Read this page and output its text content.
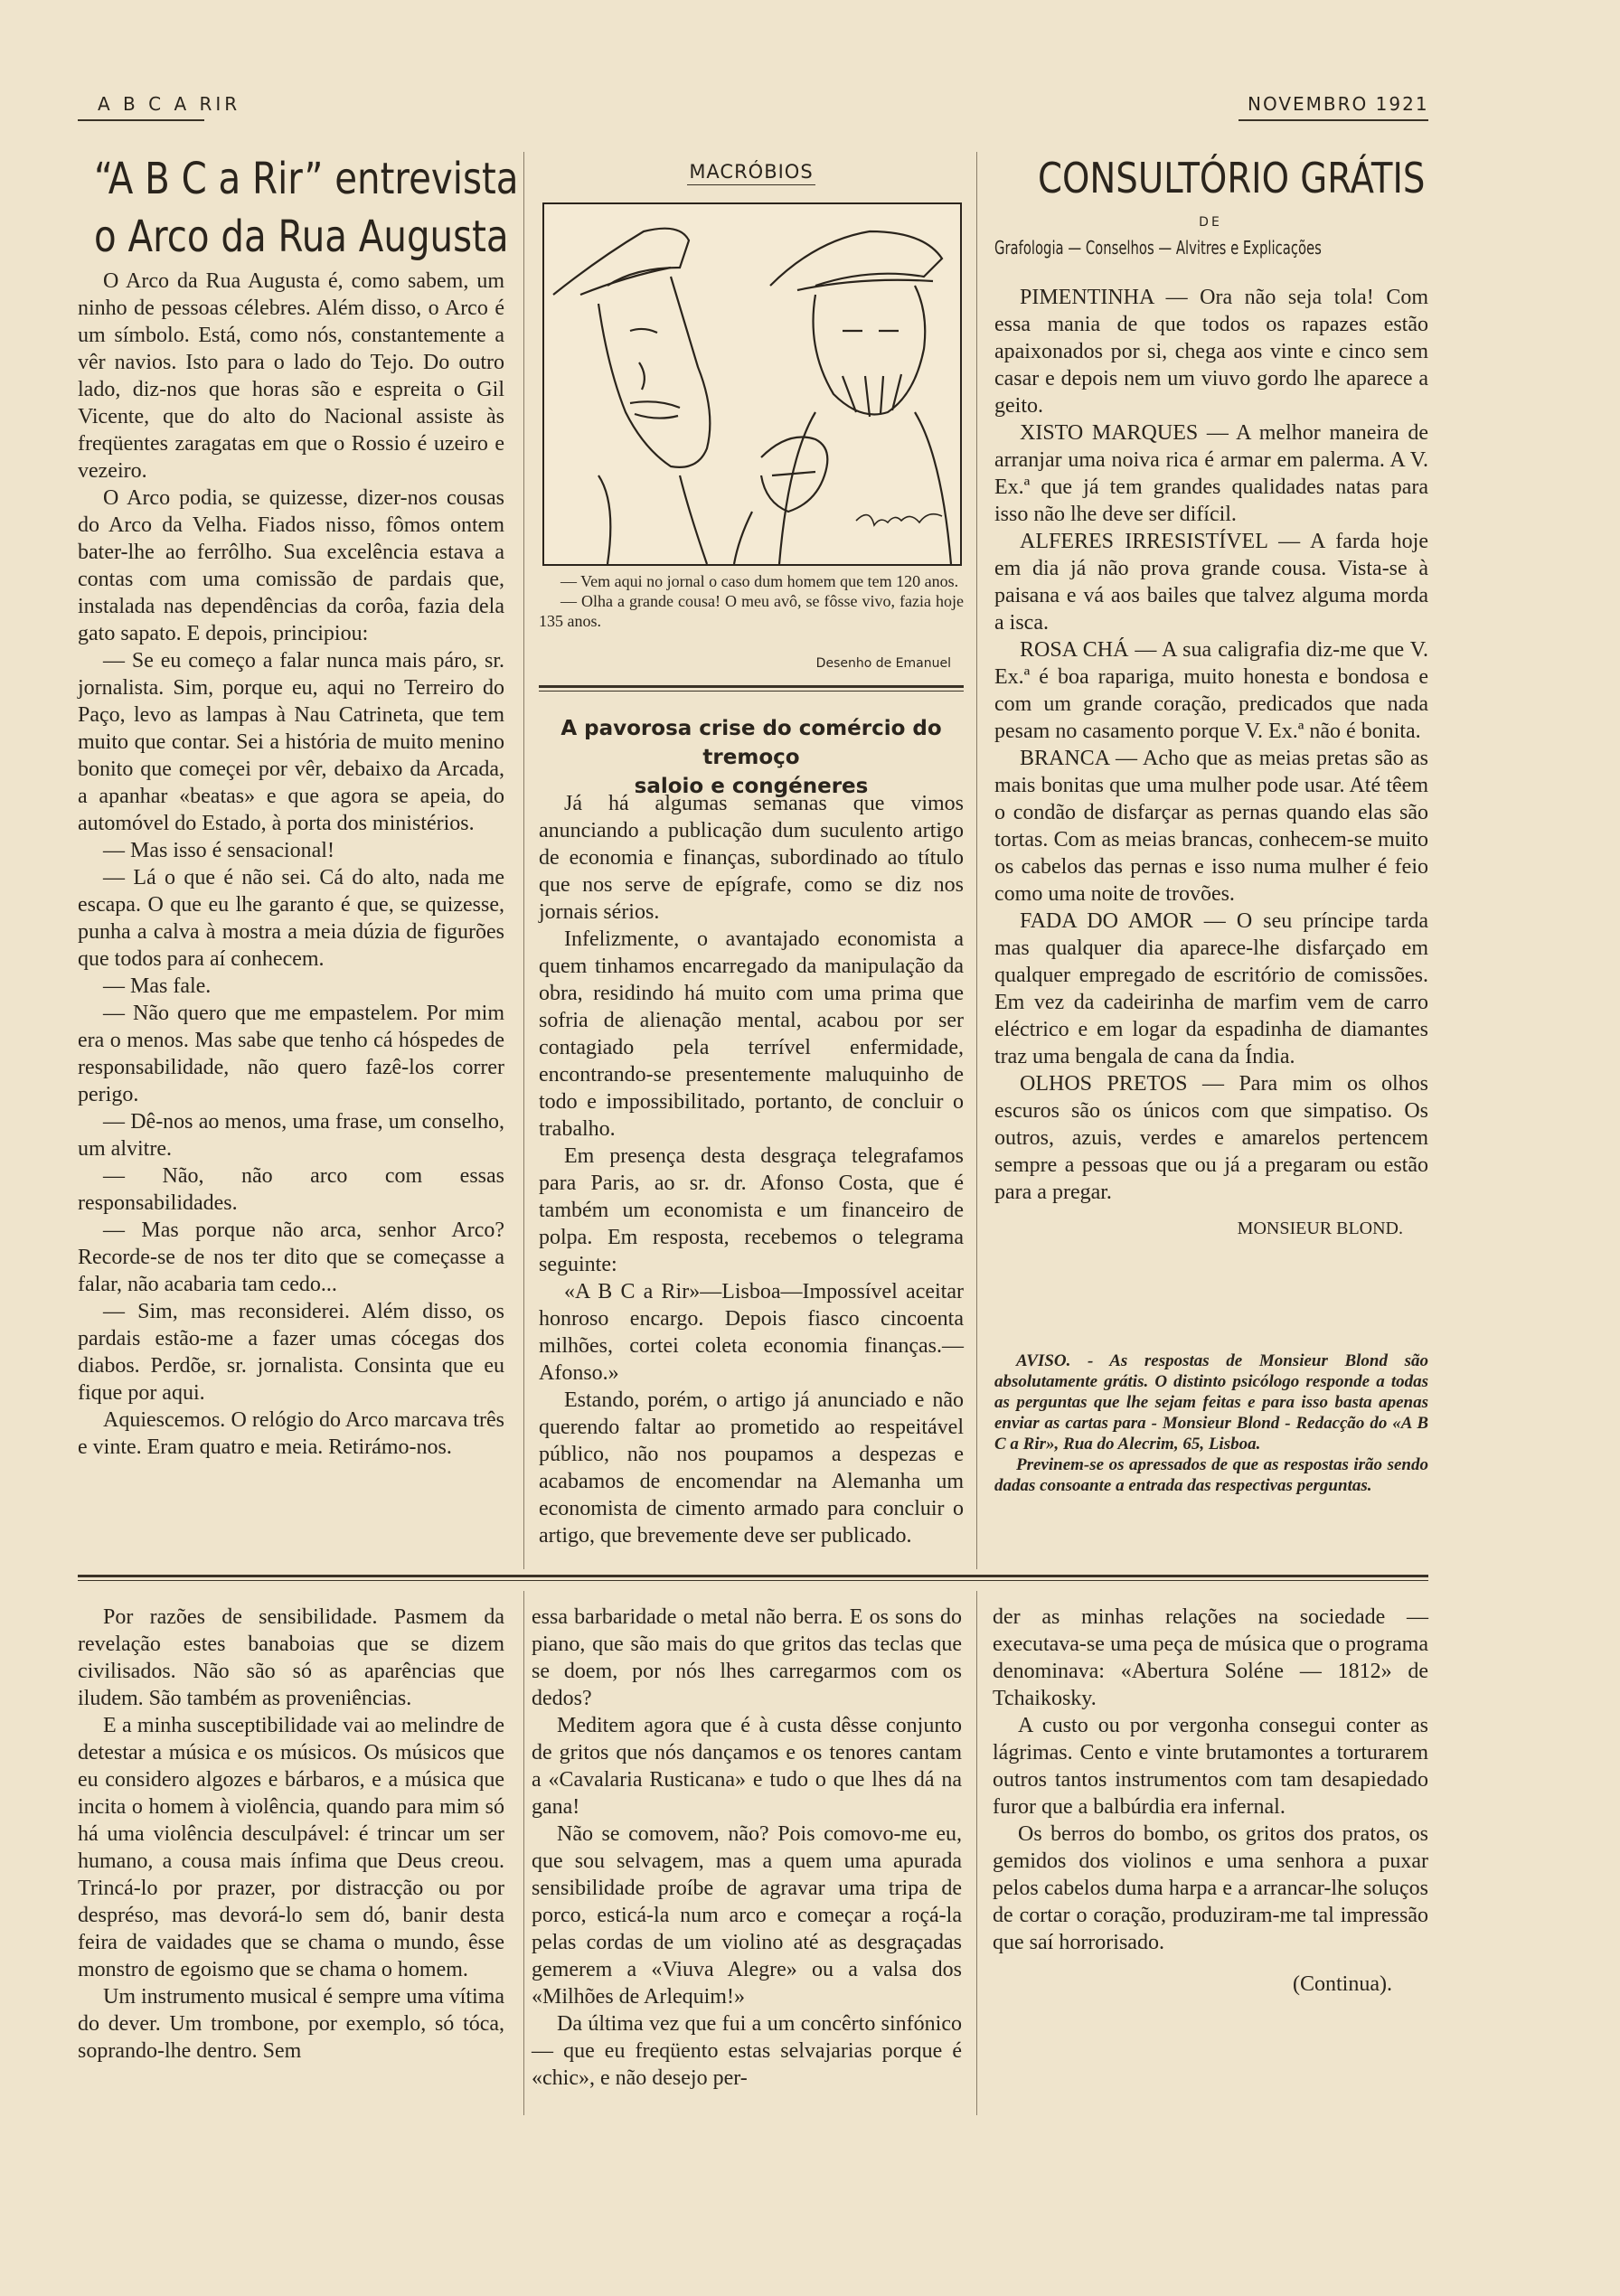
A B C A RIR	NOVEMBRO 1921
“A B C a Rir” entrevista
o Arco da Rua Augusta

O Arco da Rua Augusta é, como sabem, um ninho de pessoas célebres. Além disso, o Arco é um símbolo. Está, como nós, constantemente a vêr navios. Isto para o lado do Tejo. Do outro lado, diz-nos que horas são e espreita o Gil Vicente, que do alto do Nacional assiste às freqüentes zaragatas em que o Rossio é uzeiro e vezeiro.

O Arco podia, se quizesse, dizer-nos cousas do Arco da Velha. Fiados nisso, fômos ontem bater-lhe ao ferrôlho. Sua excelência estava a contas com uma comissão de pardais que, instalada nas dependências da corôa, fazia dela gato sapato. E depois, principiou:

— Se eu começo a falar nunca mais páro, sr. jornalista. Sim, porque eu, aqui no Terreiro do Paço, levo as lampas à Nau Catrineta, que tem muito que contar. Sei a história de muito menino bonito que começei por vêr, debaixo da Arcada, a apanhar «beatas» e que agora se apeia, do automóvel do Estado, à porta dos ministérios.

— Mas isso é sensacional!

— Lá o que é não sei. Cá do alto, nada me escapa. O que eu lhe garanto é que, se quizesse, punha a calva à mostra a meia dúzia de figurões que todos para aí conhecem.

— Mas fale.

— Não quero que me empastelem. Por mim era o menos. Mas sabe que tenho cá hóspedes de responsabilidade, não quero fazê-los correr perigo.

— Dê-nos ao menos, uma frase, um conselho, um alvitre.

— Não, não arco com essas responsabilidades.

— Mas porque não arca, senhor Arco? Recorde-se de nos ter dito que se começasse a falar, não acabaria tam cedo...

— Sim, mas reconsiderei. Além disso, os pardais estão-me a fazer umas cócegas dos diabos. Perdõe, sr. jornalista. Consinta que eu fique por aqui.

Aquiescemos. O relógio do Arco marcava três e vinte. Eram quatro e meia. Retirámo-nos.

MACRÓBIOS

— Vem aqui no jornal o caso dum homem que tem 120 anos.

— Olha a grande cousa! O meu avô, se fôsse vivo, fazia hoje 135 anos.

Desenho de Emanuel
A pavorosa crise do comércio do tremoço
saloio e congéneres

Já há algumas semanas que vimos anunciando a publicação dum suculento artigo de economia e finanças, subordinado ao título que nos serve de epígrafe, como se diz nos jornais sérios.

Infelizmente, o avantajado economista a quem tinhamos encarregado da manipulação da obra, residindo há muito com uma prima que sofria de alienação mental, acabou por ser contagiado pela terrível enfermidade, encontrando-se presentemente maluquinho de todo e impossibilitado, portanto, de concluir o trabalho.

Em presença desta desgraça telegrafamos para Paris, ao sr. dr. Afonso Costa, que é também um economista e um financeiro de polpa. Em resposta, recebemos o telegrama seguinte:

«A B C a Rir»—Lisboa—Impossível aceitar honroso encargo. Depois fiasco cincoenta milhões, cortei coleta economia finanças.—Afonso.»

Estando, porém, o artigo já anunciado e não querendo faltar ao prometido ao respeitável público, não nos poupamos a despezas e acabamos de encomendar na Alemanha um economista de cimento armado para concluir o artigo, que brevemente deve ser publicado.

CONSULTÓRIO GRÁTIS
DE
Grafologia — Conselhos — Alvitres e Explicações

PIMENTINHA — Ora não seja tola! Com essa mania de que todos os rapazes estão apaixonados por si, chega aos vinte e cinco sem casar e depois nem um viuvo gordo lhe aparece a geito.

XISTO MARQUES — A melhor maneira de arranjar uma noiva rica é armar em palerma. A V. Ex.ª que já tem grandes qualidades natas para isso não lhe deve ser difícil.

ALFERES IRRESISTÍVEL — A farda hoje em dia já não prova grande cousa. Vista-se à paisana e vá aos bailes que talvez alguma morda a isca.

ROSA CHÁ — A sua caligrafia diz-me que V. Ex.ª é boa rapariga, muito honesta e bondosa e com um grande coração, predicados que nada pesam no casamento porque V. Ex.ª não é bonita.

BRANCA — Acho que as meias pretas são as mais bonitas que uma mulher pode usar. Até têem o condão de disfarçar as pernas quando elas são tortas. Com as meias brancas, conhecem-se muito os cabelos das pernas e isso numa mulher é feio como uma noite de trovões.

FADA DO AMOR — O seu príncipe tarda mas qualquer dia aparece-lhe disfarçado em qualquer empregado de escritório de comissões. Em vez da cadeirinha de marfim vem de carro eléctrico e em logar da espadinha de diamantes traz uma bengala de cana da Índia.

OLHOS PRETOS — Para mim os olhos escuros são os únicos com que simpatiso. Os outros, azuis, verdes e amarelos pertencem sempre a pessoas que ou já a pregaram ou estão para a pregar.

MONSIEUR BLOND.

AVISO. - As respostas de Monsieur Blond são absolutamente grátis. O distinto psicólogo responde a todas as perguntas que lhe sejam feitas e para isso basta apenas enviar as cartas para - Monsieur Blond - Redacção do «A B C a Rir», Rua do Alecrim, 65, Lisboa.

Previnem-se os apressados de que as respostas irão sendo dadas consoante a entrada das respectivas perguntas.

Por razões de sensibilidade. Pasmem da revelação estes banaboias que se dizem civilisados. Não são só as aparências que iludem. São também as proveniências.

E a minha susceptibilidade vai ao melindre de detestar a música e os músicos. Os músicos que eu considero algozes e bárbaros, e a música que incita o homem à violência, quando para mim só há uma violência desculpável: é trincar um ser humano, a cousa mais ínfima que Deus creou. Trincá-lo por prazer, por distracção ou por despréso, mas devorá-lo sem dó, banir desta feira de vaidades que se chama o mundo, êsse monstro de egoismo que se chama o homem.

Um instrumento musical é sempre uma vítima do dever. Um trombone, por exemplo, só tóca, soprando-lhe dentro. Sem

essa barbaridade o metal não berra. E os sons do piano, que são mais do que gritos das teclas que se doem, por nós lhes carregarmos com os dedos?

Meditem agora que é à custa dêsse conjunto de gritos que nós dançamos e os tenores cantam a «Cavalaria Rusticana» e tudo o que lhes dá na gana!

Não se comovem, não? Pois comovo-me eu, que sou selvagem, mas a quem uma apurada sensibilidade proíbe de agravar uma tripa de porco, esticá-la num arco e começar a roçá-la pelas cordas de um violino até as desgraçadas gemerem a «Viuva Alegre» ou a valsa dos «Milhões de Arlequim!»

Da última vez que fui a um concêrto sinfónico — que eu freqüento estas selvajarias porque é «chic», e não desejo per-

der as minhas relações na sociedade — executava-se uma peça de música que o programa denominava: «Abertura Soléne — 1812» de Tchaikosky.

A custo ou por vergonha consegui conter as lágrimas. Cento e vinte brutamontes a torturarem outros tantos instrumentos com tam desapiedado furor que a balbúrdia era infernal.

Os berros do bombo, os gritos dos pratos, os gemidos dos violinos e uma senhora a puxar pelos cabelos duma harpa e a arrancar-lhe soluços de cortar o coração, produziram-me tal impressão que saí horrorisado.

(Continua).
